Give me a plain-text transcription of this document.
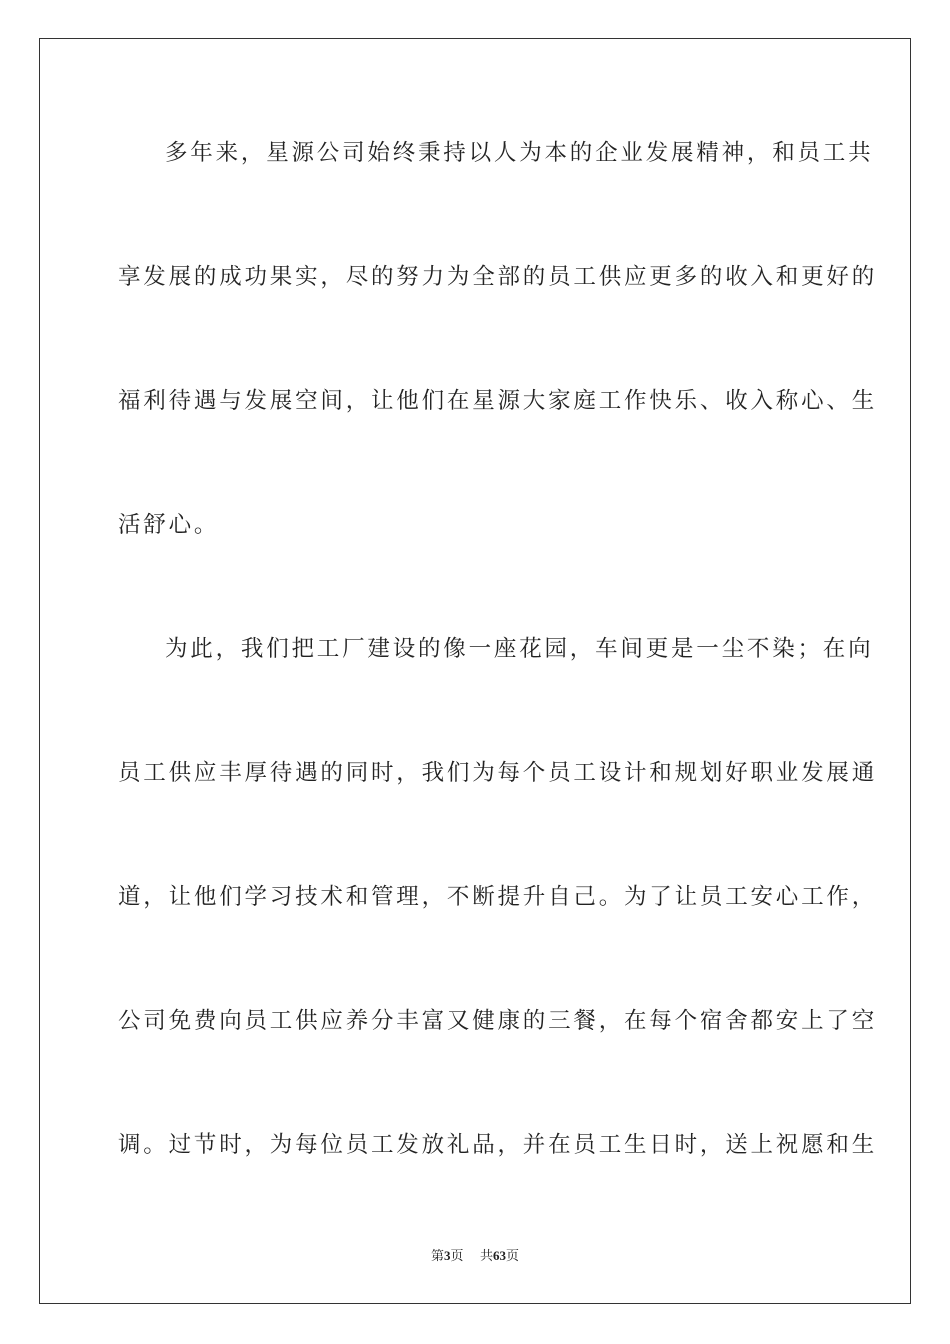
多年来，星源公司始终秉持以人为本的企业发展精神，和员工共
享发展的成功果实，尽的努力为全部的员工供应更多的收入和更好的
福利待遇与发展空间，让他们在星源大家庭工作快乐、收入称心、生
活舒心。
为此，我们把工厂建设的像一座花园，车间更是一尘不染；在向
员工供应丰厚待遇的同时，我们为每个员工设计和规划好职业发展通
道，让他们学习技术和管理，不断提升自己。为了让员工安心工作，
公司免费向员工供应养分丰富又健康的三餐，在每个宿舍都安上了空
调。过节时，为每位员工发放礼品，并在员工生日时，送上祝愿和生
第3页 共63页
